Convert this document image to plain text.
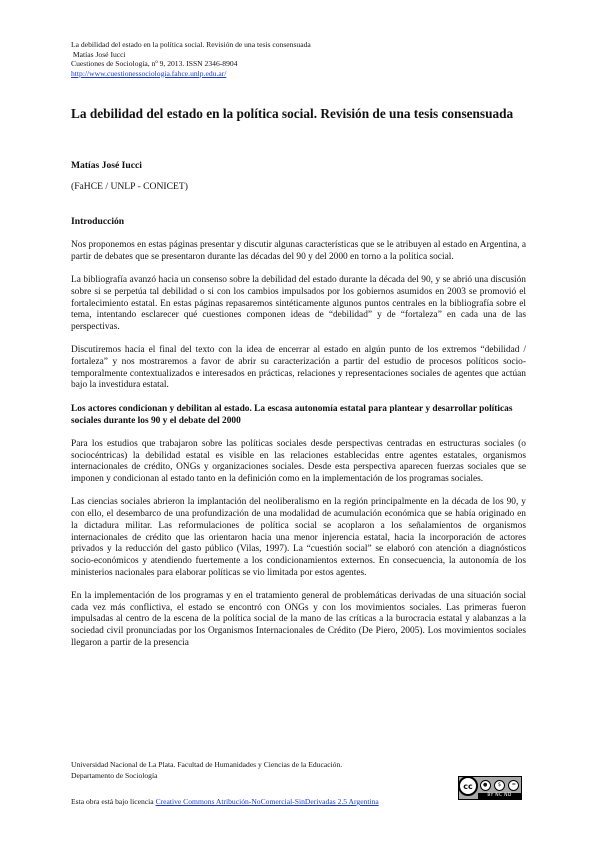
La debilidad del estado en la política social. Revisión de una tesis consensuada
Matías José Iucci
Cuestiones de Sociología, nº 9, 2013. ISSN 2346-8904
http://www.cuestionessociologia.fahce.unlp.edu.ar/
La debilidad del estado en la política social. Revisión de una tesis consensuada
Matías José Iucci
(FaHCE / UNLP - CONICET)
Introducción

Nos proponemos en estas páginas presentar y discutir algunas características que se le atribuyen al estado en Argentina, a partir de debates que se presentaron durante las décadas del 90 y del 2000 en torno a la política social.

La bibliografía avanzó hacia un consenso sobre la debilidad del estado durante la década del 90, y se abrió una discusión sobre si se perpetúa tal debilidad o si con los cambios impulsados por los gobiernos asumidos en 2003 se promovió el fortalecimiento estatal. En estas páginas repasaremos sintéticamente algunos puntos centrales en la bibliografía sobre el tema, intentando esclarecer qué cuestiones componen ideas de “debilidad” y de “fortaleza” en cada una de las perspectivas.

Discutiremos hacia el final del texto con la idea de encerrar al estado en algún punto de los extremos “debilidad / fortaleza” y nos mostraremos a favor de abrir su caracterización a partir del estudio de procesos políticos socio-temporalmente contextualizados e interesados en prácticas, relaciones y representaciones sociales de agentes que actúan bajo la investidura estatal.

Los actores condicionan y debilitan al estado. La escasa autonomía estatal para plantear y desarrollar políticas sociales durante los 90 y el debate del 2000

Para los estudios que trabajaron sobre las políticas sociales desde perspectivas centradas en estructuras sociales (o sociocéntricas) la debilidad estatal es visible en las relaciones establecidas entre agentes estatales, organismos internacionales de crédito, ONGs y organizaciones sociales. Desde esta perspectiva aparecen fuerzas sociales que se imponen y condicionan al estado tanto en la definición como en la implementación de los programas sociales.

Las ciencias sociales abrieron la implantación del neoliberalismo en la región principalmente en la década de los 90, y con ello, el desembarco de una profundización de una modalidad de acumulación económica que se había originado en la dictadura militar. Las reformulaciones de política social se acoplaron a los señalamientos de organismos internacionales de crédito que las orientaron hacia una menor injerencia estatal, hacia la incorporación de actores privados y la reducción del gasto público (Vilas, 1997). La “cuestión social” se elaboró con atención a diagnósticos socio-económicos y atendiendo fuertemente a los condicionamientos externos. En consecuencia, la autonomía de los ministerios nacionales para elaborar políticas se vio limitada por estos agentes.

En la implementación de los programas y en el tratamiento general de problemáticas derivadas de una situación social cada vez más conflictiva, el estado se encontró con ONGs y con los movimientos sociales. Las primeras fueron impulsadas al centro de la escena de la política social de la mano de las críticas a la burocracia estatal y alabanzas a la sociedad civil pronunciadas por los Organismos Internacionales de Crédito (De Piero, 2005). Los movimientos sociales llegaron a partir de la presencia

Universidad Nacional de La Plata. Facultad de Humanidades y Ciencias de la Educación.
Departamento de Sociología
cc	●	$	=
BY NC ND
Esta obra está bajo licencia Creative Commons Atribución-NoComercial-SinDerivadas 2.5 Argentina
